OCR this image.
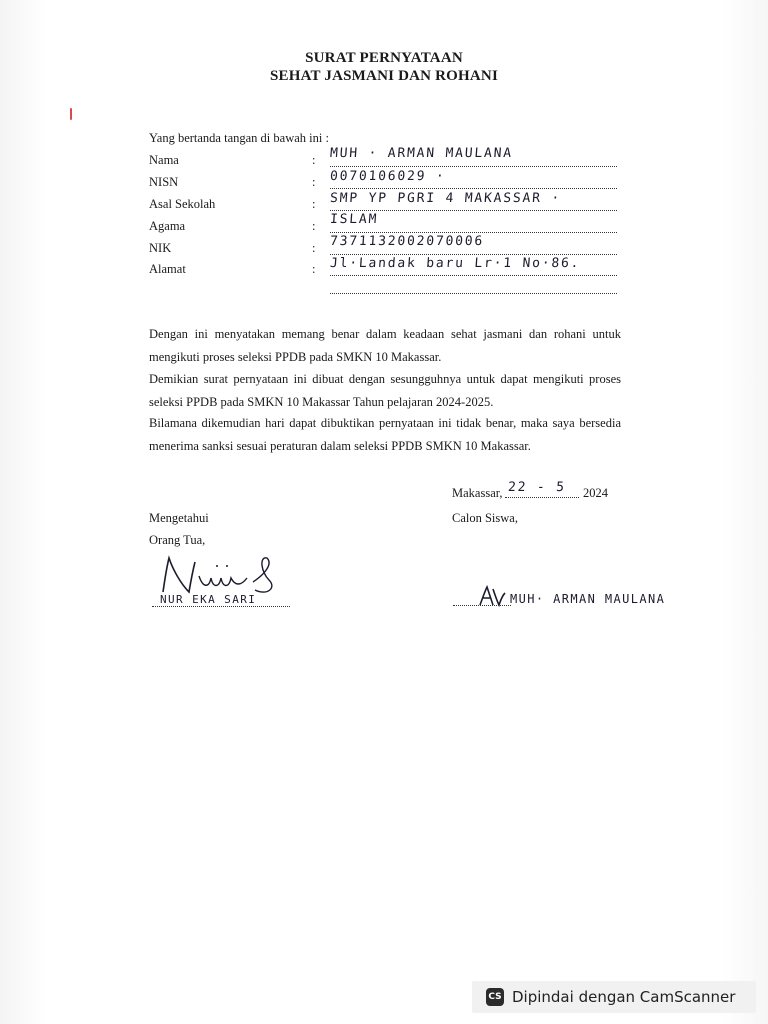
SURAT PERNYATAAN
SEHAT JASMANI DAN ROHANI
Yang bertanda tangan di bawah ini :
Nama	: MUH · ARMAN MAULANA
NISN	: 0070106029 ·
Asal Sekolah	: SMP YP PGRI 4 MAKASSAR ·
Agama	: ISLAM
NIK	: 7371132002070006
Alamat	: Jl·Landak baru Lr·1 No·86.
Dengan ini menyatakan memang benar dalam keadaan sehat jasmani dan rohani untuk mengikuti proses seleksi PPDB pada SMKN 10 Makassar.
Demikian surat pernyataan ini dibuat dengan sesungguhnya untuk dapat mengikuti proses seleksi PPDB pada SMKN 10 Makassar Tahun pelajaran 2024-2025.
Bilamana dikemudian hari dapat dibuktikan pernyataan ini tidak benar, maka saya bersedia menerima sanksi sesuai peraturan dalam seleksi PPDB SMKN 10 Makassar.
Makassar, 22 - 5 2024
Mengetahui
Orang Tua,
Calon Siswa,
NUR EKA SARI	MUH· ARMAN MAULANA
CS Dipindai dengan CamScanner
